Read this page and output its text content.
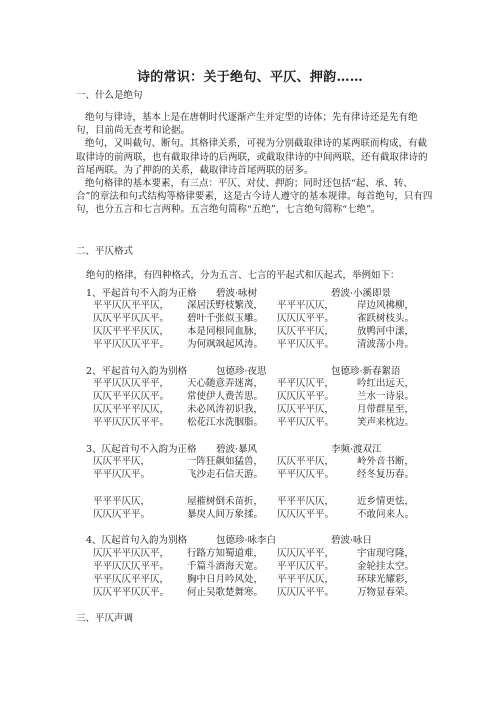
诗的常识：关于绝句、平仄、押韵……
一、什么是绝句

绝句与律诗，基本上是在唐朝时代逐渐产生并定型的诗体；先有律诗还是先有绝句，目前尚无查考和论据。

绝句，又叫截句、断句。其格律关系，可视为分别截取律诗的某两联而构成，有截取律诗的前两联，也有截取律诗的后两联，或截取律诗的中间两联，还有截取律诗的首尾两联。为了押韵的关系，截取律诗首尾两联的居多。

绝句格律的基本要素，有三点：平仄、对仗、押韵；同时还包括“起、承、转、合”的章法和句式结构等格律要素，这是古今诗人遵守的基本规律。每首绝句，只有四句，也分五言和七言两种。五言绝句简称“五绝”，七言绝句简称“七绝”。

二、平仄格式
绝句的格律，有四种格式，分为五言、七言的平起式和仄起式，举例如下：
1、平起首句不入韵为正格 碧波·咏树	碧波·小溪即景
平平仄仄平平仄， 深居沃野枝繁茂， 平平平仄仄， 岸边风拂柳，
仄仄平平仄仄平。 碧叶千张似玉雕。 仄仄仄平平。 雀跃树枝头。
仄仄平平平仄仄， 本是同根同血脉， 仄仄平平仄， 放鸭河中漾，
平平仄仄仄平平。 为何飒飒起风涛。 平平仄仄平。 清波荡小舟。
2、平起首句入韵为别格	包德珍·夜思	包德珍·新春絮语
平平仄仄仄平平， 天心随意弄迷离， 平平仄仄平， 吟红出远天，
仄仄平平仄仄平。 常使伊人费苦思。 仄仄仄平平。 兰水一诗泉。
仄仄平平平仄仄， 未必风涛初识我， 仄仄平平仄， 月带群星至，
平平仄仄仄平平。 松花江水洗胭脂。 平平仄仄平。 笑声来枕边。
3、仄起首句不入韵为正格 碧波·暴风	李频·渡双江
仄仄平平仄，	一阵狂飙如猛兽， 仄仄平平仄， 岭外音书断，
平平仄仄平。	飞沙走石信天游。 平平仄仄平。 经冬复历春。
平平平仄仄，	屋摧树倒禾苗折， 平平平仄仄， 近乡情更怯，
仄仄仄平平。	暴戾人间万象揉。 仄仄仄平平。 不敢问来人。
4、仄起首句入韵为别格	包德珍·咏李白	碧波·咏日
仄仄平平仄仄平， 行路方知蜀道难， 仄仄仄平平， 宇宙现穹隆，
平平仄仄仄平平。 千篇斗酒海天宽。 平平仄仄平。 金轮挂太空。
平平仄仄平平仄， 胸中日月吟风处， 平平平仄仄， 环球光耀彩，
仄仄平平仄仄平。 何止吴歌楚舞寒。 仄仄仄平平。 万物显春荣。
三、平仄声调
